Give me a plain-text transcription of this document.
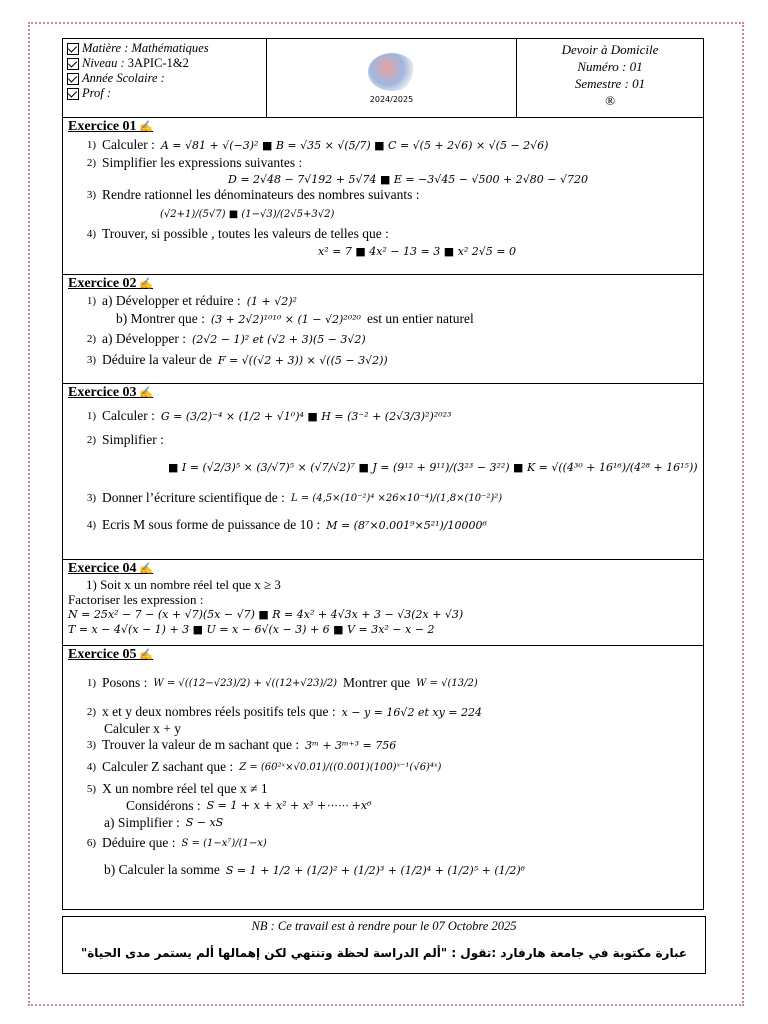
Matière : Mathématiques
Niveau : 3APIC-1&2
Année Scolaire :
Prof :	2024/2025
Devoir à Domicile
Numéro : 01
Semestre : 01
®
Exercice 01 ✍
1) Calculer : A = √81 + √(−3)² ■ B = √35 × √(5/7) ■ C = √(5 + 2√6) × √(5 − 2√6)
2) Simplifier les expressions suivantes :
D = 2√48 − 7√192 + 5√74 ■ E = −3√45 − √500 + 2√80 − √720
3) Rendre rationnel les dénominateurs des nombres suivants :
(√2+1)/(5√7) ■ (1−√3)/(2√5+3√2)
4) Trouver, si possible , toutes les valeurs de telles que :
x² = 7 ■ 4x² − 13 = 3 ■ x² 2√5 = 0
Exercice 02 ✍
1) a) Développer et réduire : (1 + √2)²
b) Montrer que : (3 + 2√2)¹⁰¹⁰ × (1 − √2)²⁰²⁰ est un entier naturel
2) a) Développer : (2√2 − 1)² et (√2 + 3)(5 − 3√2)
3) Déduire la valeur de F = √((√2 + 3)) × √((5 − 3√2))
Exercice 03 ✍
1) Calculer : G = (3/2)⁻⁴ × (1/2 + √1⁰)⁴ ■ H = (3⁻² + (2√3/3)²)²⁰²³
2) Simplifier :
■ I = (√2/3)⁵ × (3/√7)⁵ × (√7/√2)⁷ ■ J = (9¹² + 9¹¹)/(3²³ − 3²²) ■ K = √((4³⁰ + 16¹⁶)/(4²⁸ + 16¹⁵))
3) Donner l’écriture scientifique de : L = (4,5×(10⁻²)⁴ ×26×10⁻⁴)/(1,8×(10⁻²)²)
4) Ecris M sous forme de puissance de 10 : M = (8⁷×0.001⁹×5²¹)/10000⁶
Exercice 04 ✍
1) Soit x un nombre réel tel que x ≥ 3
Factoriser les expression :
N = 25x² − 7 − (x + √7)(5x − √7) ■ R = 4x² + 4√3x + 3 − √3(2x + √3)
T = x − 4√(x − 1) + 3 ■ U = x − 6√(x − 3) + 6 ■ V = 3x² − x − 2
Exercice 05 ✍
1) Posons : W = √((12−√23)/2) + √((12+√23)/2) Montrer que W = √(13/2)
2) x et y deux nombres réels positifs tels que : x − y = 16√2 et xy = 224
Calculer x + y
3) Trouver la valeur de m sachant que : 3ᵐ + 3ᵐ⁺³ = 756
4) Calculer Z sachant que : Z = (60²ˣ×√0.01)/((0.001)(100)ˣ⁻¹(√6)⁴ˣ)
5) X un nombre réel tel que x ≠ 1
Considérons : S = 1 + x + x² + x³ +⋯⋯ +x⁶
a) Simplifier : S − xS
6) Déduire que : S = (1−x⁷)/(1−x)
b) Calculer la somme S = 1 + 1/2 + (1/2)² + (1/2)³ + (1/2)⁴ + (1/2)⁵ + (1/2)⁶
NB : Ce travail est à rendre pour le 07 Octobre 2025
عبارة مكتوبة في جامعة هارفارد :تقول : "ألم الدراسة لحظة وتنتهي لكن إهمالها ألم يستمر مدى الحياة"
